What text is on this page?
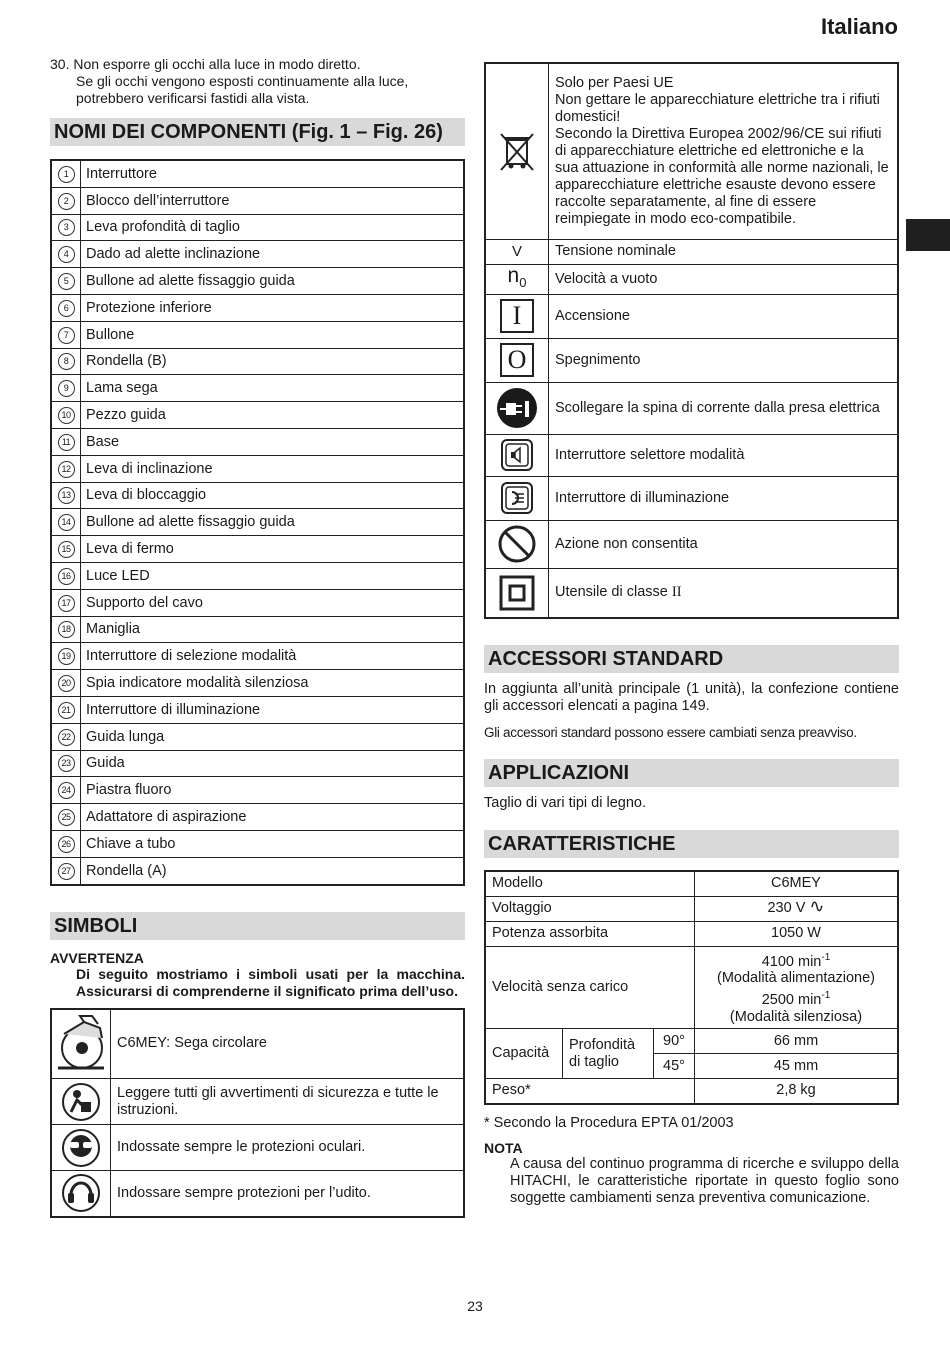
Italiano
30. Non esporre gli occhi alla luce in modo diretto.
Se gli occhi vengono esposti continuamente alla luce, potrebbero verificarsi fastidi alla vista.
NOMI DEI COMPONENTI (Fig. 1 – Fig. 26)
1	Interruttore
2	Blocco dell’interruttore
3	Leva profondità di taglio
4	Dado ad alette inclinazione
5	Bullone ad alette fissaggio guida
6	Protezione inferiore
7	Bullone
8	Rondella (B)
9	Lama sega
10	Pezzo guida
11	Base
12	Leva di inclinazione
13	Leva di bloccaggio
14	Bullone ad alette fissaggio guida
15	Leva di fermo
16	Luce LED
17	Supporto del cavo
18	Maniglia
19	Interruttore di selezione modalità
20	Spia indicatore modalità silenziosa
21	Interruttore di illuminazione
22	Guida lunga
23	Guida
24	Piastra fluoro
25	Adattatore di aspirazione
26	Chiave a tubo
27	Rondella (A)
SIMBOLI
AVVERTENZA
Di seguito mostriamo i simboli usati per la macchina. Assicurarsi di comprenderne il significato prima dell’uso.
	C6MEY: Sega circolare

	Leggere tutti gli avvertimenti di sicurezza e tutte le istruzioni.

	Indossate sempre le protezioni oculari.

	Indossare sempre protezioni per l’udito.
	Solo per Paesi UE
Non gettare le apparecchiature elettriche tra i rifiuti domestici!
Secondo la Direttiva Europea 2002/96/CE sui rifiuti di apparecchiature elettriche ed elettroniche e la sua attuazione in conformità alle norme nazionali, le apparecchiature elettriche esauste devono essere raccolte separatamente, al fine di essere reimpiegate in modo eco-compatibile.
V	Tensione nominale
$n_0$	Velocità a vuoto

I	Accensione

O	Spegnimento

	Scollegare la spina di corrente dalla presa elettrica

	Interruttore selettore modalità

	Interruttore di illuminazione

	Azione non consentita

	Utensile di classe II
ACCESSORI STANDARD
In aggiunta all’unità principale (1 unità), la confezione contiene gli accessori elencati a pagina 149.
Gli accessori standard possono essere cambiati senza preavviso.
APPLICAZIONI
Taglio di vari tipi di legno.
CARATTERISTICHE
Modello			C6MEY
Voltaggio			230 V ∿
Potenza assorbita			1050 W
Velocità senza carico			4100 $\min^{-1}$
(Modalità alimentazione)
2500 $\min^{-1}$
(Modalità silenziosa)

Capacità	Profondità di taglio	90°	66 mm
		45°	45 mm
Peso*			2,8 kg
* Secondo la Procedura EPTA 01/2003
NOTA
A causa del continuo programma di ricerche e sviluppo della HITACHI, le caratteristiche riportate in questo foglio sono soggette cambiamenti senza preventiva comunicazione.
23
